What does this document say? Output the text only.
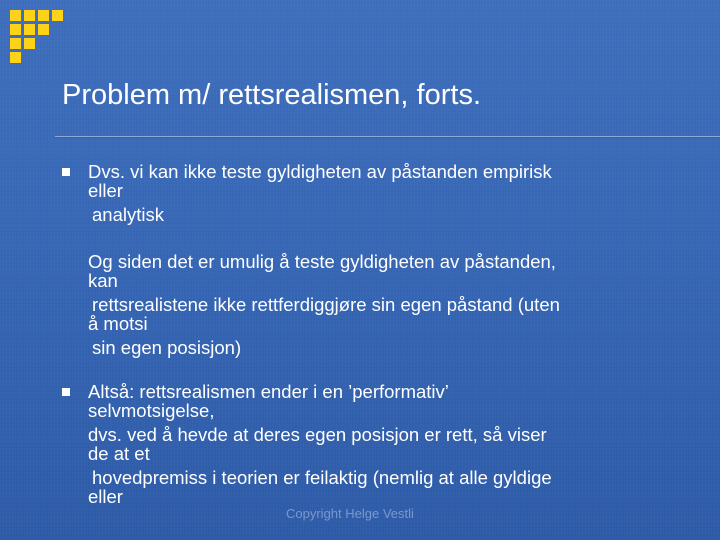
Problem m/ rettsrealismen, forts.
Dvs. vi kan ikke teste gyldigheten av påstanden empirisk
eller
analytisk
Og siden det er umulig å teste gyldigheten av påstanden,
kan
rettsrealistene ikke rettferdiggjøre sin egen påstand (uten
å motsi
sin egen posisjon)
Altså: rettsrealismen ender i en ’performativ’
selvmotsigelse,
dvs. ved å hevde at deres egen posisjon er rett, så viser
de at et
hovedpremiss i teorien er feilaktig (nemlig at alle gyldige
eller
Copyright Helge Vestli
